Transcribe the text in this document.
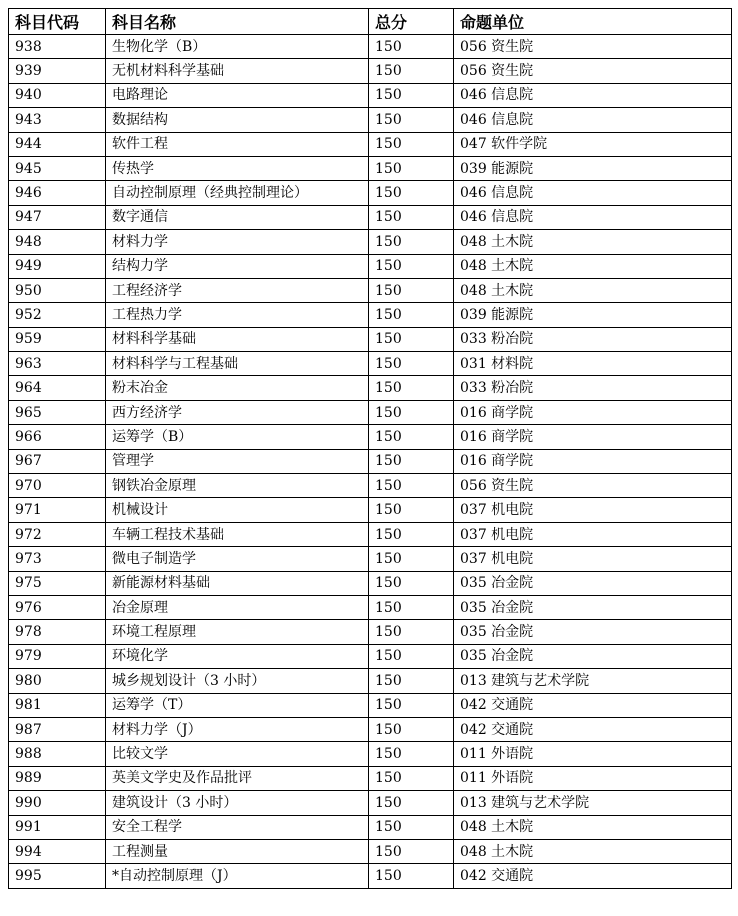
科目代码	科目名称	总分	命题单位
938	生物化学（B）	150	056 资生院
939	无机材料科学基础	150	056 资生院
940	电路理论	150	046 信息院
943	数据结构	150	046 信息院
944	软件工程	150	047 软件学院
945	传热学	150	039 能源院
946	自动控制原理（经典控制理论）	150	046 信息院
947	数字通信	150	046 信息院
948	材料力学	150	048 土木院
949	结构力学	150	048 土木院
950	工程经济学	150	048 土木院
952	工程热力学	150	039 能源院
959	材料科学基础	150	033 粉冶院
963	材料科学与工程基础	150	031 材料院
964	粉末冶金	150	033 粉冶院
965	西方经济学	150	016 商学院
966	运筹学（B）	150	016 商学院
967	管理学	150	016 商学院
970	钢铁冶金原理	150	056 资生院
971	机械设计	150	037 机电院
972	车辆工程技术基础	150	037 机电院
973	微电子制造学	150	037 机电院
975	新能源材料基础	150	035 冶金院
976	冶金原理	150	035 冶金院
978	环境工程原理	150	035 冶金院
979	环境化学	150	035 冶金院
980	城乡规划设计（3 小时）	150	013 建筑与艺术学院
981	运筹学（T）	150	042 交通院
987	材料力学（J）	150	042 交通院
988	比较文学	150	011 外语院
989	英美文学史及作品批评	150	011 外语院
990	建筑设计（3 小时）	150	013 建筑与艺术学院
991	安全工程学	150	048 土木院
994	工程测量	150	048 土木院
995	*自动控制原理（J）	150	042 交通院
